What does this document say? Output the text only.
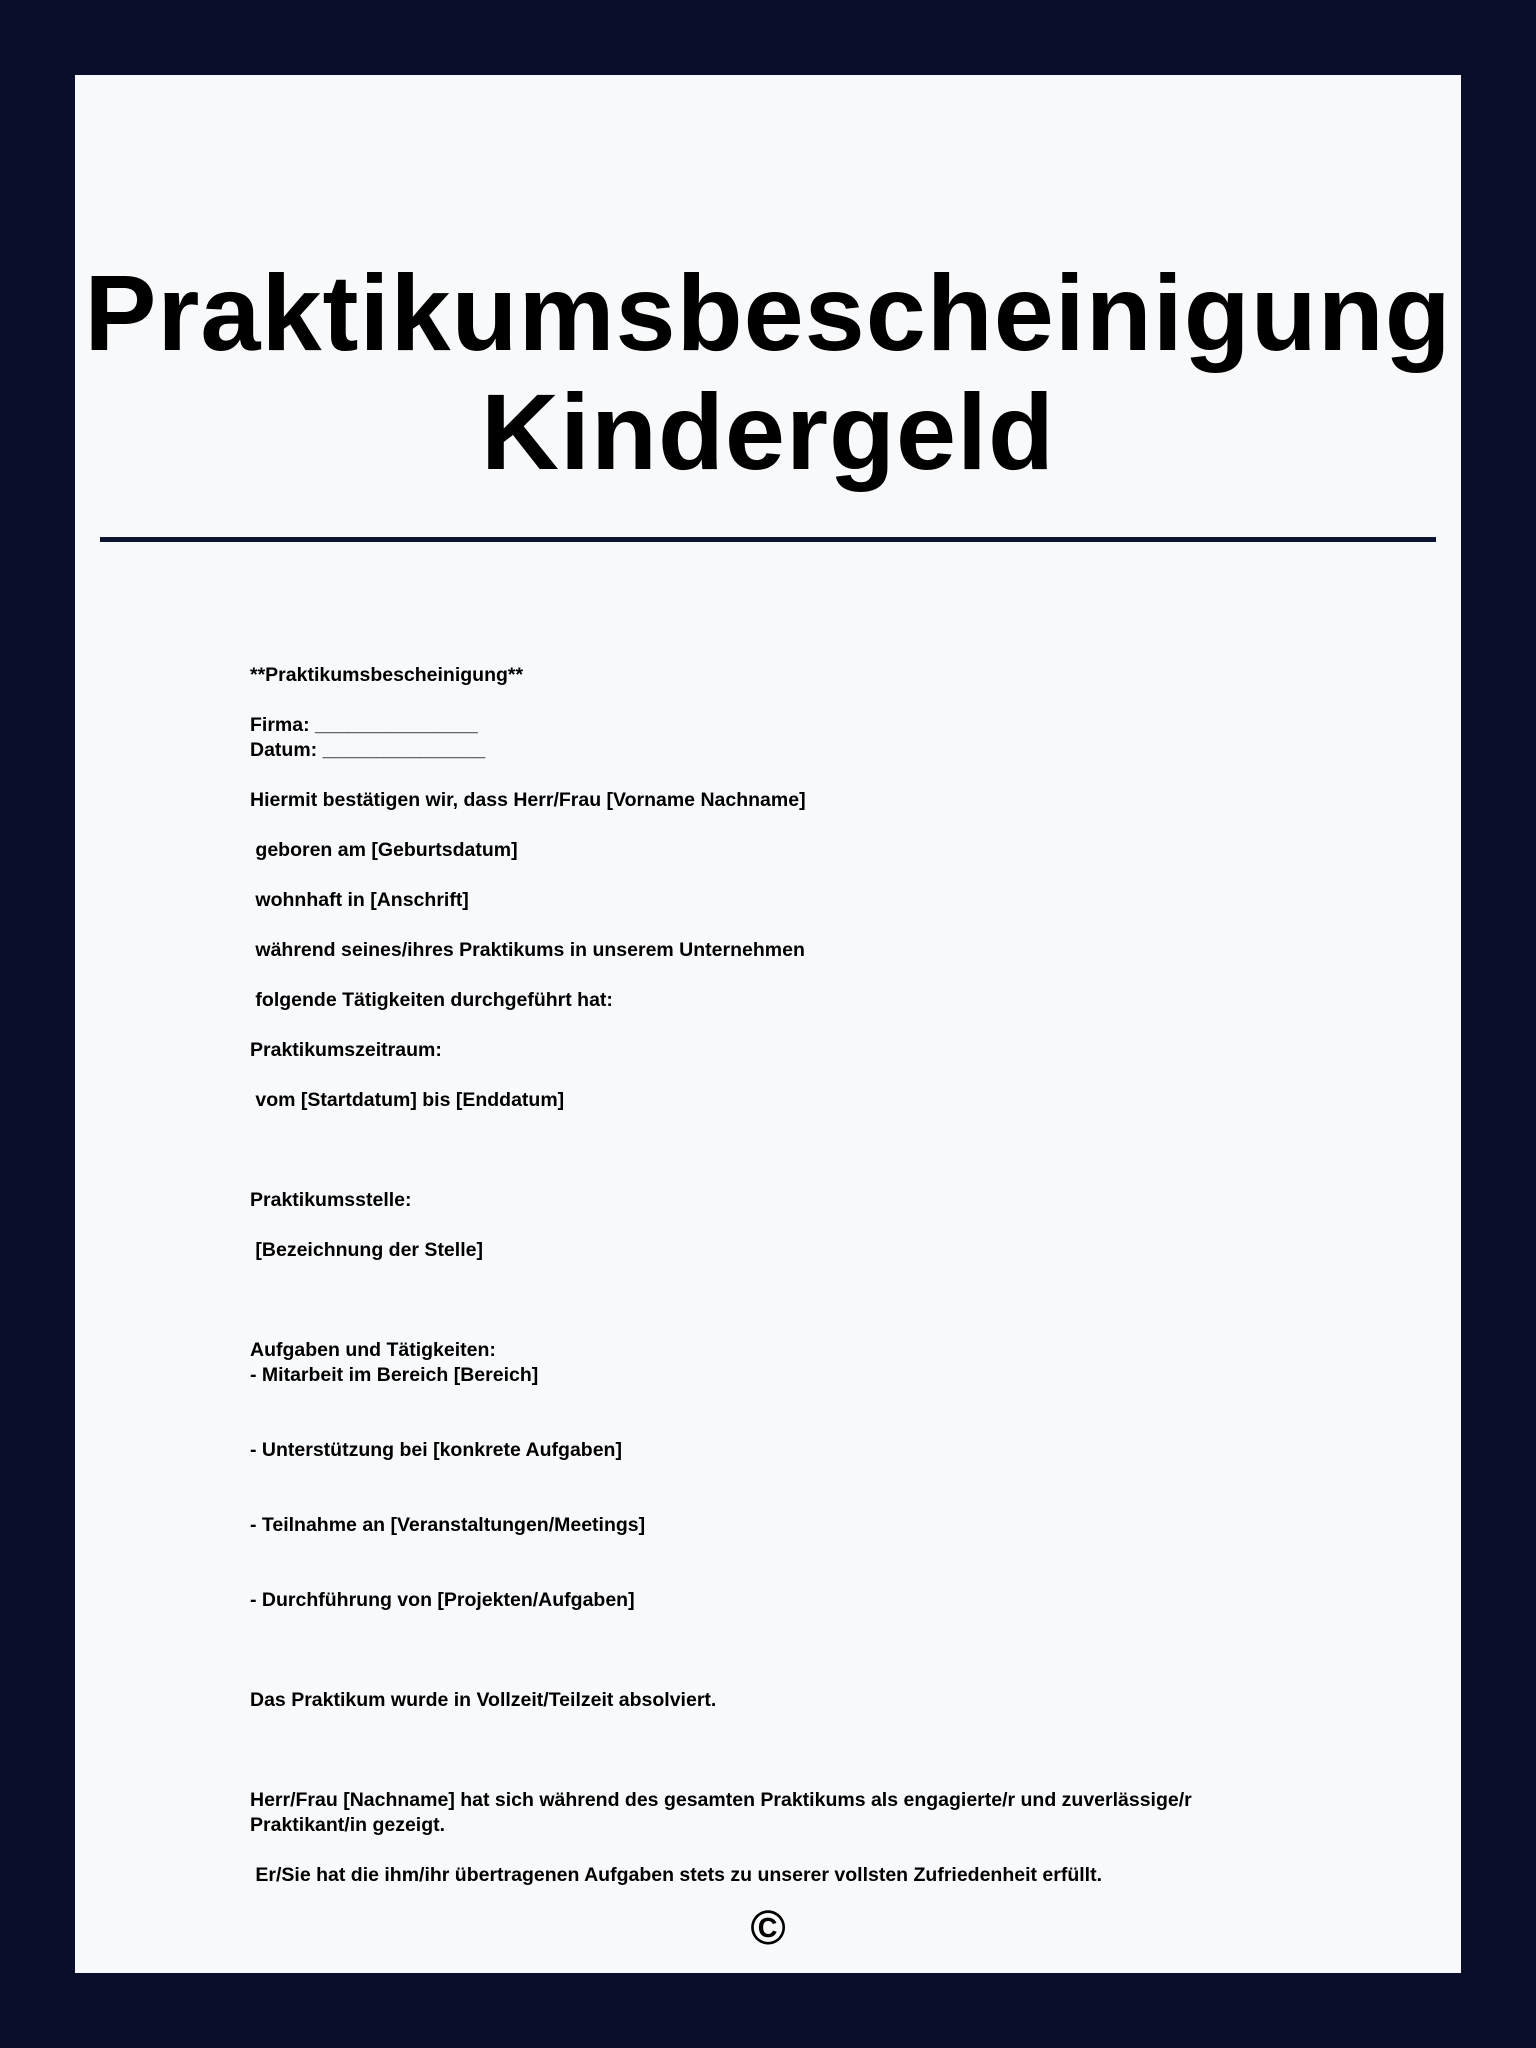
Praktikumsbescheinigung
Kindergeld
**Praktikumsbescheinigung**
Firma: _______________
Datum: _______________
Hiermit bestätigen wir, dass Herr/Frau [Vorname Nachname]
geboren am [Geburtsdatum]
wohnhaft in [Anschrift]
während seines/ihres Praktikums in unserem Unternehmen
folgende Tätigkeiten durchgeführt hat:
Praktikumszeitraum:
vom [Startdatum] bis [Enddatum]
Praktikumsstelle:
[Bezeichnung der Stelle]
Aufgaben und Tätigkeiten:
- Mitarbeit im Bereich [Bereich]
- Unterstützung bei [konkrete Aufgaben]
- Teilnahme an [Veranstaltungen/Meetings]
- Durchführung von [Projekten/Aufgaben]
Das Praktikum wurde in Vollzeit/Teilzeit absolviert.
Herr/Frau [Nachname] hat sich während des gesamten Praktikums als engagierte/r und zuverlässige/r Praktikant/in gezeigt.
Er/Sie hat die ihm/ihr übertragenen Aufgaben stets zu unserer vollsten Zufriedenheit erfüllt.
©
